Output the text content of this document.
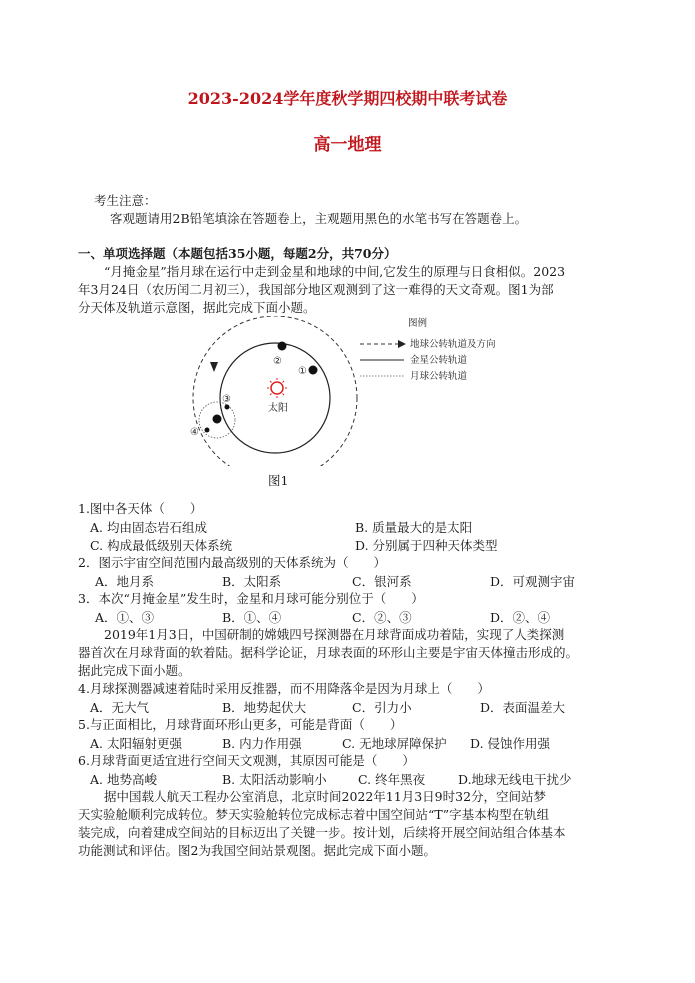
2023-2024学年度秋学期四校期中联考试卷
高一地理
考生注意：
客观题请用2B铅笔填涂在答题卷上，主观题用黑色的水笔书写在答题卷上。
一、单项选择题（本题包括35小题，每题2分，共70分）
“月掩金星”指月球在运行中走到金星和地球的中间,它发生的原理与日食相似。2023
年3月24日（农历闰二月初三），我国部分地区观测到了这一难得的天文奇观。图1为部
分天体及轨道示意图，据此完成下面小题。
太阳
②
①
③
④
图例
地球公转轨道及方向
金星公转轨道
月球公转轨道
图1
1.图中各天体（　　）
A. 均由固态岩石组成	B. 质量最大的是太阳
C. 构成最低级别天体系统	D. 分别属于四种天体类型
2．图示宇宙空间范围内最高级别的天体系统为（　　）
A．地月系	B．太阳系	C．银河系	D．可观测宇宙
3．本次“月掩金星”发生时，金星和月球可能分别位于（　　）
A．①、③	B．①、④	C．②、③	D．②、④
2019年1月3日，中国研制的嫦娥四号探测器在月球背面成功着陆，实现了人类探测
器首次在月球背面的软着陆。据科学论证，月球表面的环形山主要是宇宙天体撞击形成的。
据此完成下面小题。
4.月球探测器减速着陆时采用反推器，而不用降落伞是因为月球上（　　）
A．无大气	B．地势起伏大	C．引力小	D．表面温差大
5.与正面相比，月球背面环形山更多，可能是背面（　　）
A. 太阳辐射更强	B. 内力作用强	C. 无地球屏障保护 D. 侵蚀作用强
6.月球背面更适宜进行空间天文观测，其原因可能是（　　）
A. 地势高峻	B. 太阳活动影响小	C. 终年黑夜	D.地球无线电干扰少
据中国载人航天工程办公室消息，北京时间2022年11月3日9时32分，空间站梦
天实验舱顺利完成转位。梦天实验舱转位完成标志着中国空间站“T”字基本构型在轨组
装完成，向着建成空间站的目标迈出了关键一步。按计划，后续将开展空间站组合体基本
功能测试和评估。图2为我国空间站景观图。据此完成下面小题。
